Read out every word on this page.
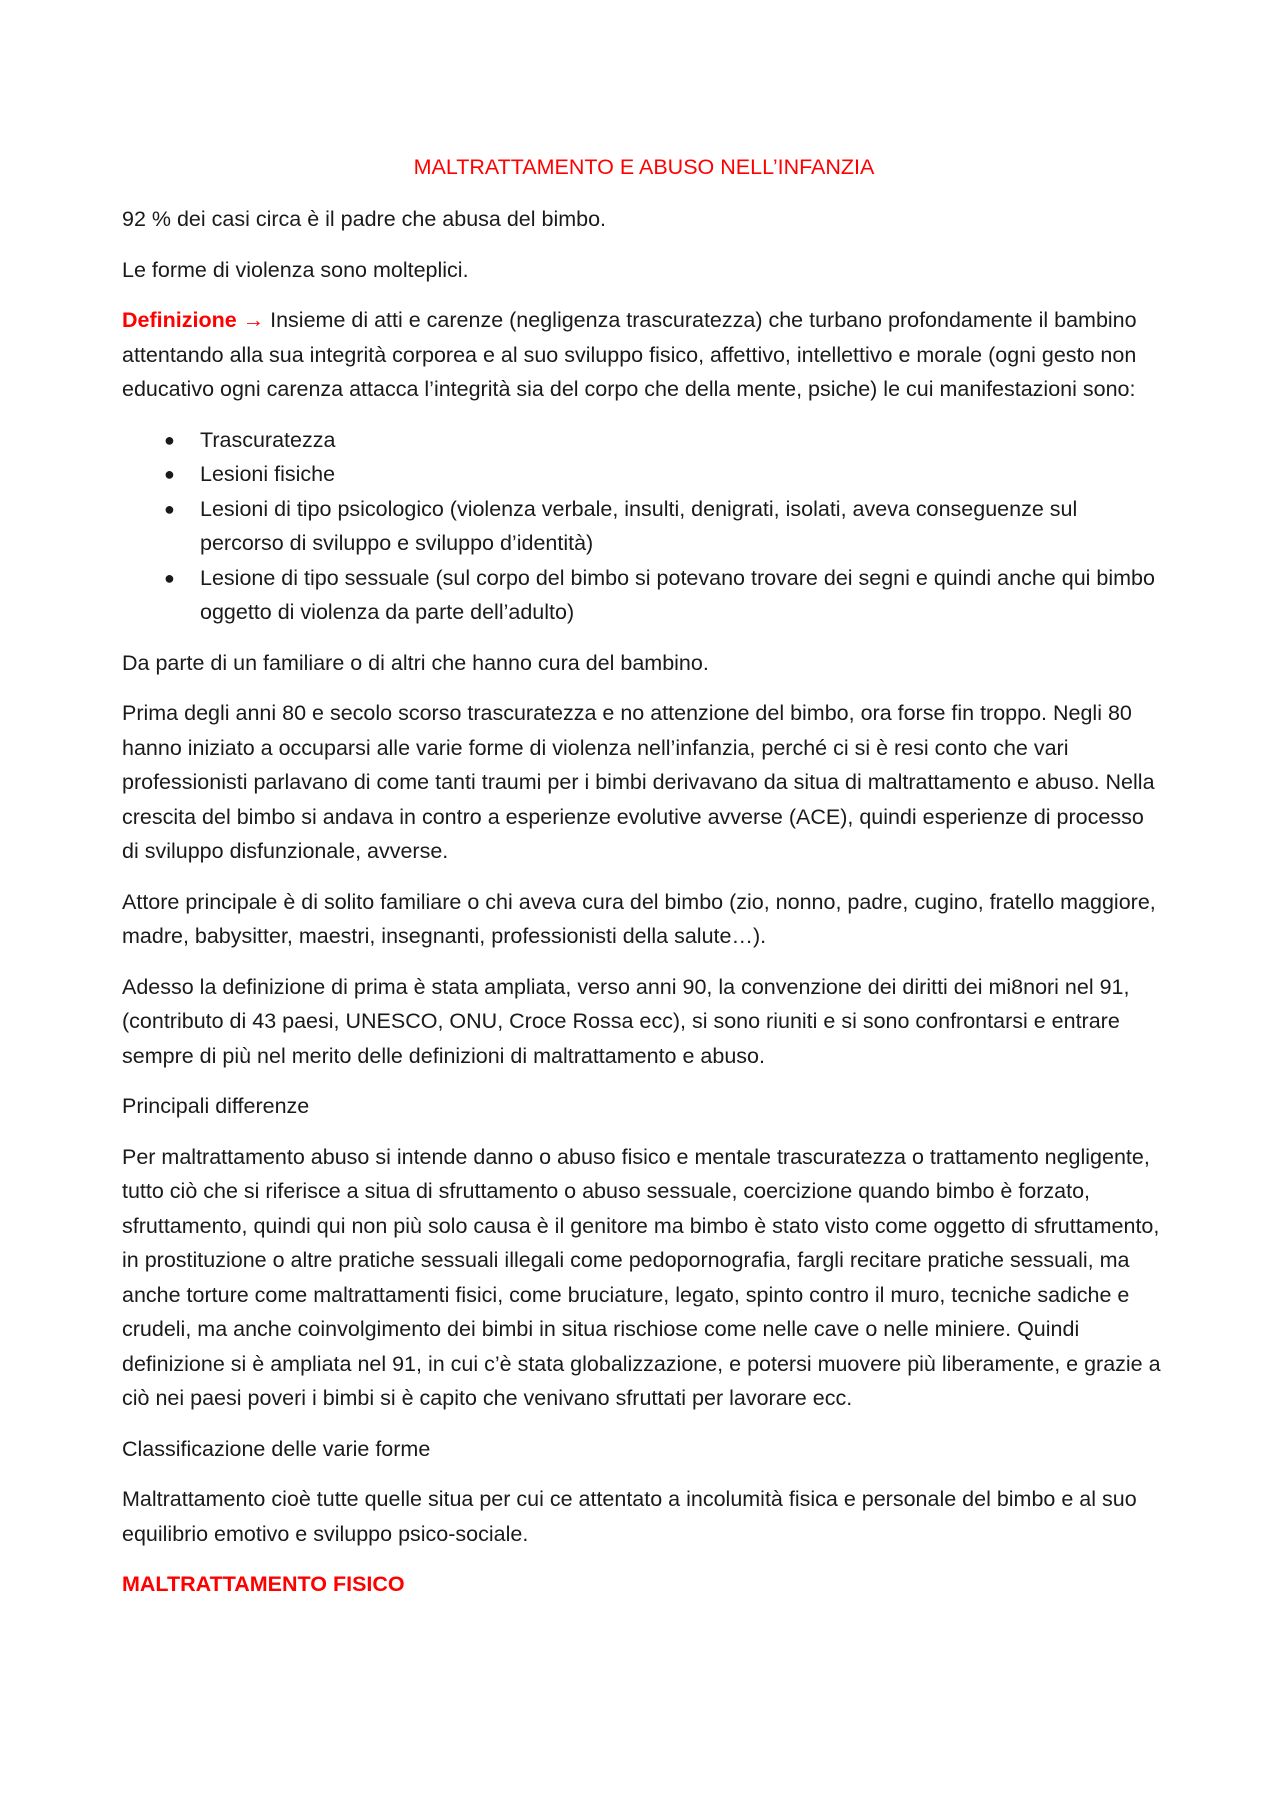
MALTRATTAMENTO E ABUSO NELL’INFANZIA

92 % dei casi circa è il padre che abusa del bimbo.

Le forme di violenza sono molteplici.

Definizione → Insieme di atti e carenze (negligenza trascuratezza) che turbano profondamente il bambino attentando alla sua integrità corporea e al suo sviluppo fisico, affettivo, intellettivo e morale (ogni gesto non educativo ogni carenza attacca l’integrità sia del corpo che della mente, psiche) le cui manifestazioni sono:

● Trascuratezza
● Lesioni fisiche
● Lesioni di tipo psicologico (violenza verbale, insulti, denigrati, isolati, aveva conseguenze sul percorso di sviluppo e sviluppo d’identità)
● Lesione di tipo sessuale (sul corpo del bimbo si potevano trovare dei segni e quindi anche qui bimbo oggetto di violenza da parte dell’adulto)

Da parte di un familiare o di altri che hanno cura del bambino.

Prima degli anni 80 e secolo scorso trascuratezza e no attenzione del bimbo, ora forse fin troppo. Negli 80 hanno iniziato a occuparsi alle varie forme di violenza nell’infanzia, perché ci si è resi conto che vari professionisti parlavano di come tanti traumi per i bimbi derivavano da situa di maltrattamento e abuso. Nella crescita del bimbo si andava in contro a esperienze evolutive avverse (ACE), quindi esperienze di processo di sviluppo disfunzionale, avverse.

Attore principale è di solito familiare o chi aveva cura del bimbo (zio, nonno, padre, cugino, fratello maggiore, madre, babysitter, maestri, insegnanti, professionisti della salute…).

Adesso la definizione di prima è stata ampliata, verso anni 90, la convenzione dei diritti dei mi8nori nel 91, (contributo di 43 paesi, UNESCO, ONU, Croce Rossa ecc), si sono riuniti e si sono confrontarsi e entrare sempre di più nel merito delle definizioni di maltrattamento e abuso.

Principali differenze

Per maltrattamento abuso si intende danno o abuso fisico e mentale trascuratezza o trattamento negligente, tutto ciò che si riferisce a situa di sfruttamento o abuso sessuale, coercizione quando bimbo è forzato, sfruttamento, quindi qui non più solo causa è il genitore ma bimbo è stato visto come oggetto di sfruttamento, in prostituzione o altre pratiche sessuali illegali come pedopornografia, fargli recitare pratiche sessuali, ma anche torture come maltrattamenti fisici, come bruciature, legato, spinto contro il muro, tecniche sadiche e crudeli, ma anche coinvolgimento dei bimbi in situa rischiose come nelle cave o nelle miniere. Quindi definizione si è ampliata nel 91, in cui c’è stata globalizzazione, e potersi muovere più liberamente, e grazie a ciò nei paesi poveri i bimbi si è capito che venivano sfruttati per lavorare ecc.

Classificazione delle varie forme

Maltrattamento cioè tutte quelle situa per cui ce attentato a incolumità fisica e personale del bimbo e al suo equilibrio emotivo e sviluppo psico-sociale.

MALTRATTAMENTO FISICO
